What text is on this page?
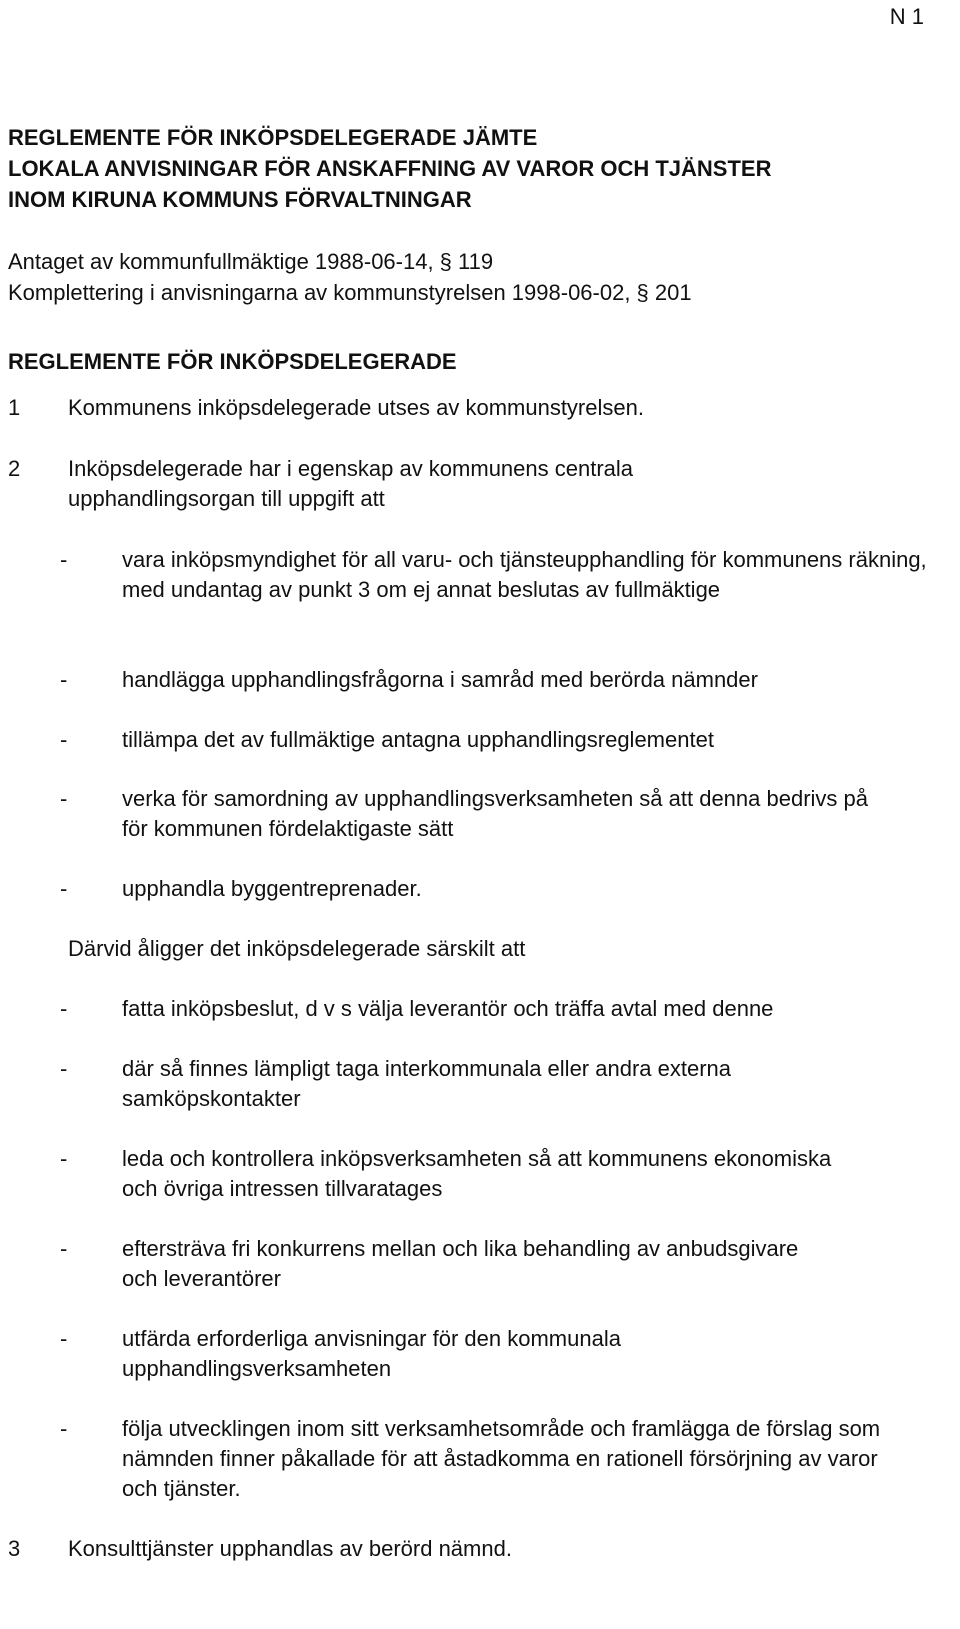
N 1
REGLEMENTE FÖR INKÖPSDELEGERADE JÄMTE
LOKALA ANVISNINGAR FÖR ANSKAFFNING AV VAROR OCH TJÄNSTER
INOM KIRUNA KOMMUNS FÖRVALTNINGAR
Antaget av kommunfullmäktige 1988-06-14, § 119
Komplettering i anvisningarna av kommunstyrelsen 1998-06-02, § 201
REGLEMENTE FÖR INKÖPSDELEGERADE
1 Kommunens inköpsdelegerade utses av kommunstyrelsen.
2 Inköpsdelegerade har i egenskap av kommunens centrala upphandlingsorgan till uppgift att
- vara inköpsmyndighet för all varu- och tjänsteupphandling för kommunens räkning, med undantag av punkt 3 om ej annat beslutas av fullmäktige
- handlägga upphandlingsfrågorna i samråd med berörda nämnder
- tillämpa det av fullmäktige antagna upphandlingsreglementet
- verka för samordning av upphandlingsverksamheten så att denna bedrivs på för kommunen fördelaktigaste sätt
- upphandla byggentreprenader.
Därvid åligger det inköpsdelegerade särskilt att
- fatta inköpsbeslut, d v s välja leverantör och träffa avtal med denne
- där så finnes lämpligt taga interkommunala eller andra externa samköpskontakter
- leda och kontrollera inköpsverksamheten så att kommunens ekonomiska och övriga intressen tillvaratages
- eftersträva fri konkurrens mellan och lika behandling av anbudsgivare och leverantörer
- utfärda erforderliga anvisningar för den kommunala upphandlingsverksamheten
- följa utvecklingen inom sitt verksamhetsområde och framlägga de förslag som nämnden finner påkallade för att åstadkomma en rationell försörjning av varor och tjänster.
3 Konsulttjänster upphandlas av berörd nämnd.
